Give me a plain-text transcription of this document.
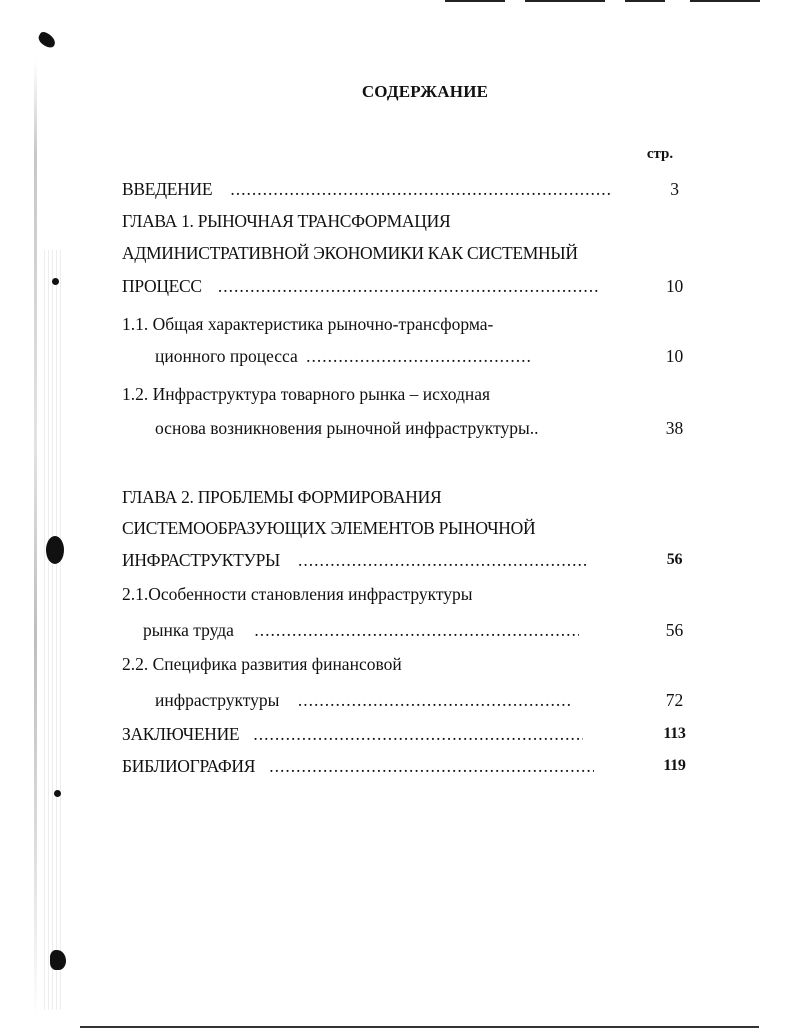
СОДЕРЖАНИЕ
стр.
ВВЕДЕНИЕ .....	3
ГЛАВА 1. РЫНОЧНАЯ ТРАНСФОРМАЦИЯ
АДМИНИСТРАТИВНОЙ ЭКОНОМИКИ КАК СИСТЕМНЫЙ
ПРОЦЕСС .....	10
1.1. Общая характеристика рыночно-трансформа-
ционного процесса .....	10
1.2. Инфраструктура товарного рынка – исходная
основа возникновения рыночной инфраструктуры..	38
ГЛАВА 2. ПРОБЛЕМЫ ФОРМИРОВАНИЯ
СИСТЕМООБРАЗУЮЩИХ ЭЛЕМЕНТОВ РЫНОЧНОЙ
ИНФРАСТРУКТУРЫ .....	56
2.1.Особенности становления инфраструктуры
рынка труда .....	56
2.2. Специфика развития финансовой
инфраструктуры .....	72
ЗАКЛЮЧЕНИЕ .....	113
БИБЛИОГРАФИЯ .....	119
